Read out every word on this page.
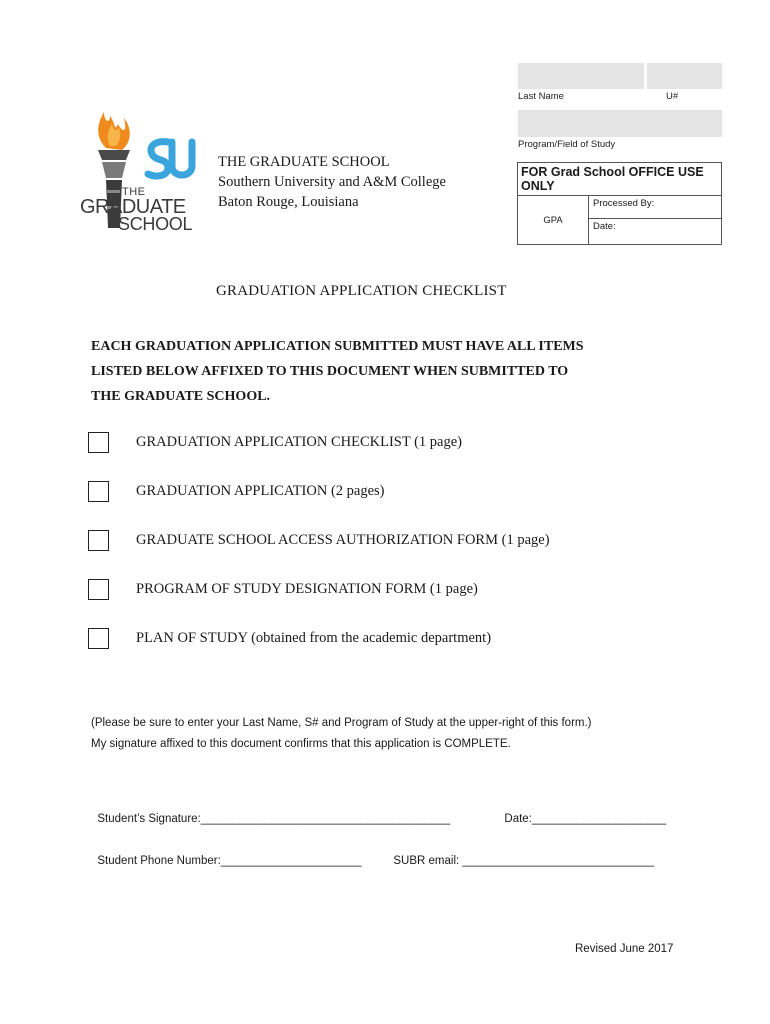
Last Name	U#
Program/Field of Study
FOR Grad School OFFICE USE ONLY
GPA	Processed By:
Date:
THE
GRADUATE
SCHOOL
THE GRADUATE SCHOOL
Southern University and A&M College
Baton Rouge, Louisiana
GRADUATION APPLICATION CHECKLIST
EACH GRADUATION APPLICATION SUBMITTED MUST HAVE ALL ITEMS
LISTED BELOW AFFIXED TO THIS DOCUMENT WHEN SUBMITTED TO
THE GRADUATE SCHOOL.
GRADUATION APPLICATION CHECKLIST (1 page)
GRADUATION APPLICATION (2 pages)
GRADUATE SCHOOL ACCESS AUTHORIZATION FORM (1 page)
PROGRAM OF STUDY DESIGNATION FORM (1 page)
PLAN OF STUDY (obtained from the academic department)
(Please be sure to enter your Last Name, S# and Program of Study at the upper-right of this form.)
My signature affixed to this document confirms that this application is COMPLETE.

Student’s Signature:_______________________________________	Date:_____________________

Student Phone Number:______________________	SUBR email: ______________________________

Revised June 2017
